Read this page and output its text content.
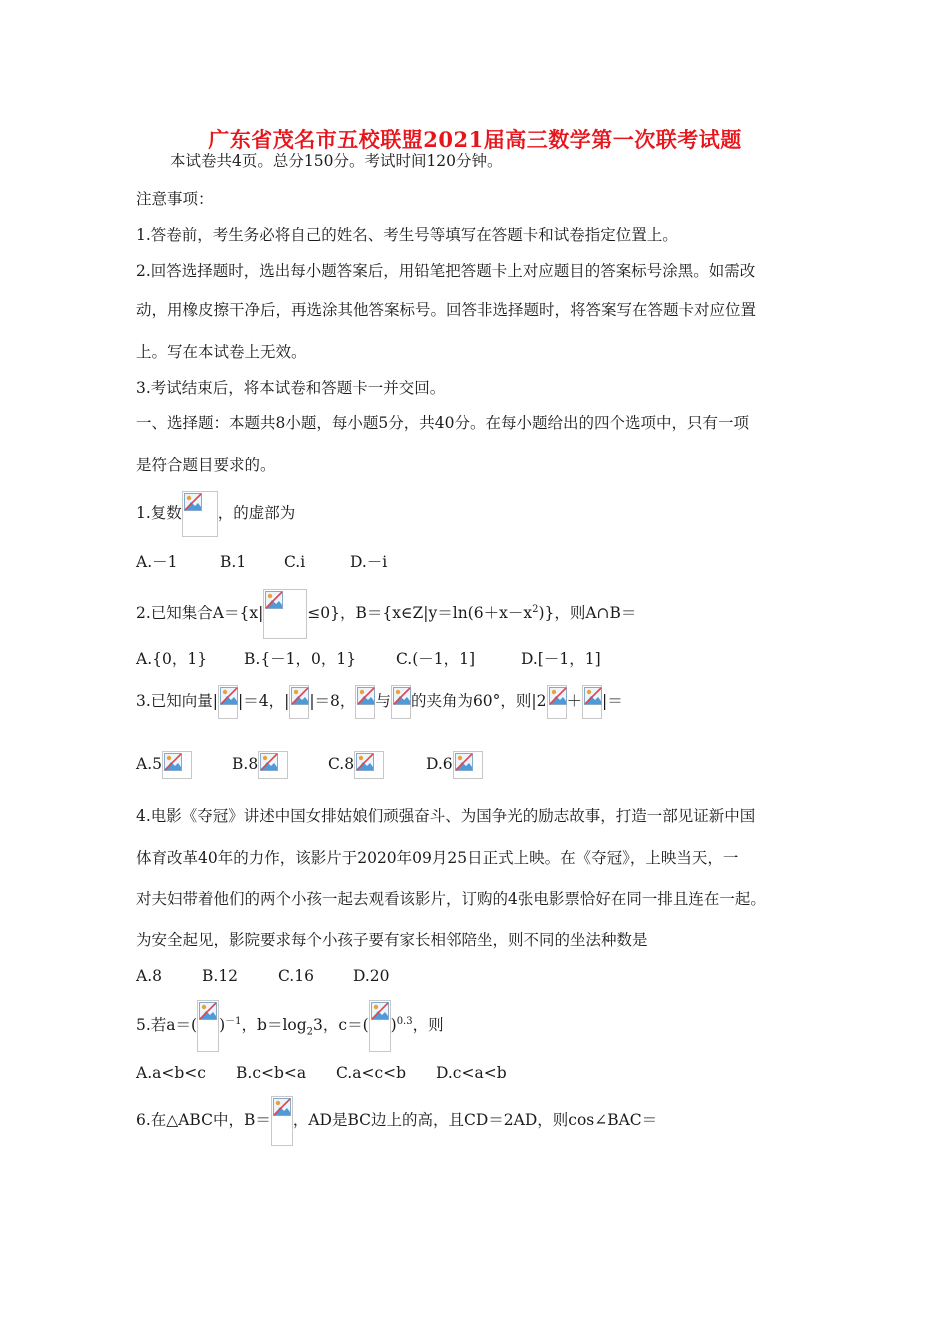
广东省茂名市五校联盟2021届高三数学第一次联考试题
本试卷共4页。总分150分。考试时间120分钟。
注意事项：
1.答卷前，考生务必将自己的姓名、考生号等填写在答题卡和试卷指定位置上。
2.回答选择题时，选出每小题答案后，用铅笔把答题卡上对应题目的答案标号涂黑。如需改
动，用橡皮擦干净后，再选涂其他答案标号。回答非选择题时，将答案写在答题卡对应位置
上。写在本试卷上无效。
3.考试结束后，将本试卷和答题卡一并交回。
一、选择题：本题共8小题，每小题5分，共40分。在每小题给出的四个选项中，只有一项
是符合题目要求的。
1.复数 ，的虚部为
A.－1	B.1 C.i	D.－i
2.已知集合A＝{x|	≤0}，$B=\{x\in Z|y=\ln(6+x-x^2)\}$，则A∩B＝
A.{0，1} B.{－1，0，1}	C.(－1，1]	D.[－1，1]
3.已知向量| |＝4，| |＝8， 与 的夹角为60°，则|2 ＋ |＝
A.5	B.8	C.8	D.6
4.电影《夺冠》讲述中国女排姑娘们顽强奋斗、为国争光的励志故事，打造一部见证新中国
体育改革40年的力作，该影片于2020年09月25日正式上映。在《夺冠》，上映当天，一
对夫妇带着他们的两个小孩一起去观看该影片，订购的4张电影票恰好在同一排且连在一起。
为安全起见，影院要求每个小孩子要有家长相邻陪坐，则不同的坐法种数是
A.8	B.12	C.16	D.20
5.若a＝( )$^{-1}$，$b=\log_23$，c＝( )$^{0.3}$，则
A.a<b<c B.c<b<a C.a<c<b D.c<a<b
6.在△ABC中，B＝ ，AD是BC边上的高，且CD＝2AD，则cos∠BAC＝
